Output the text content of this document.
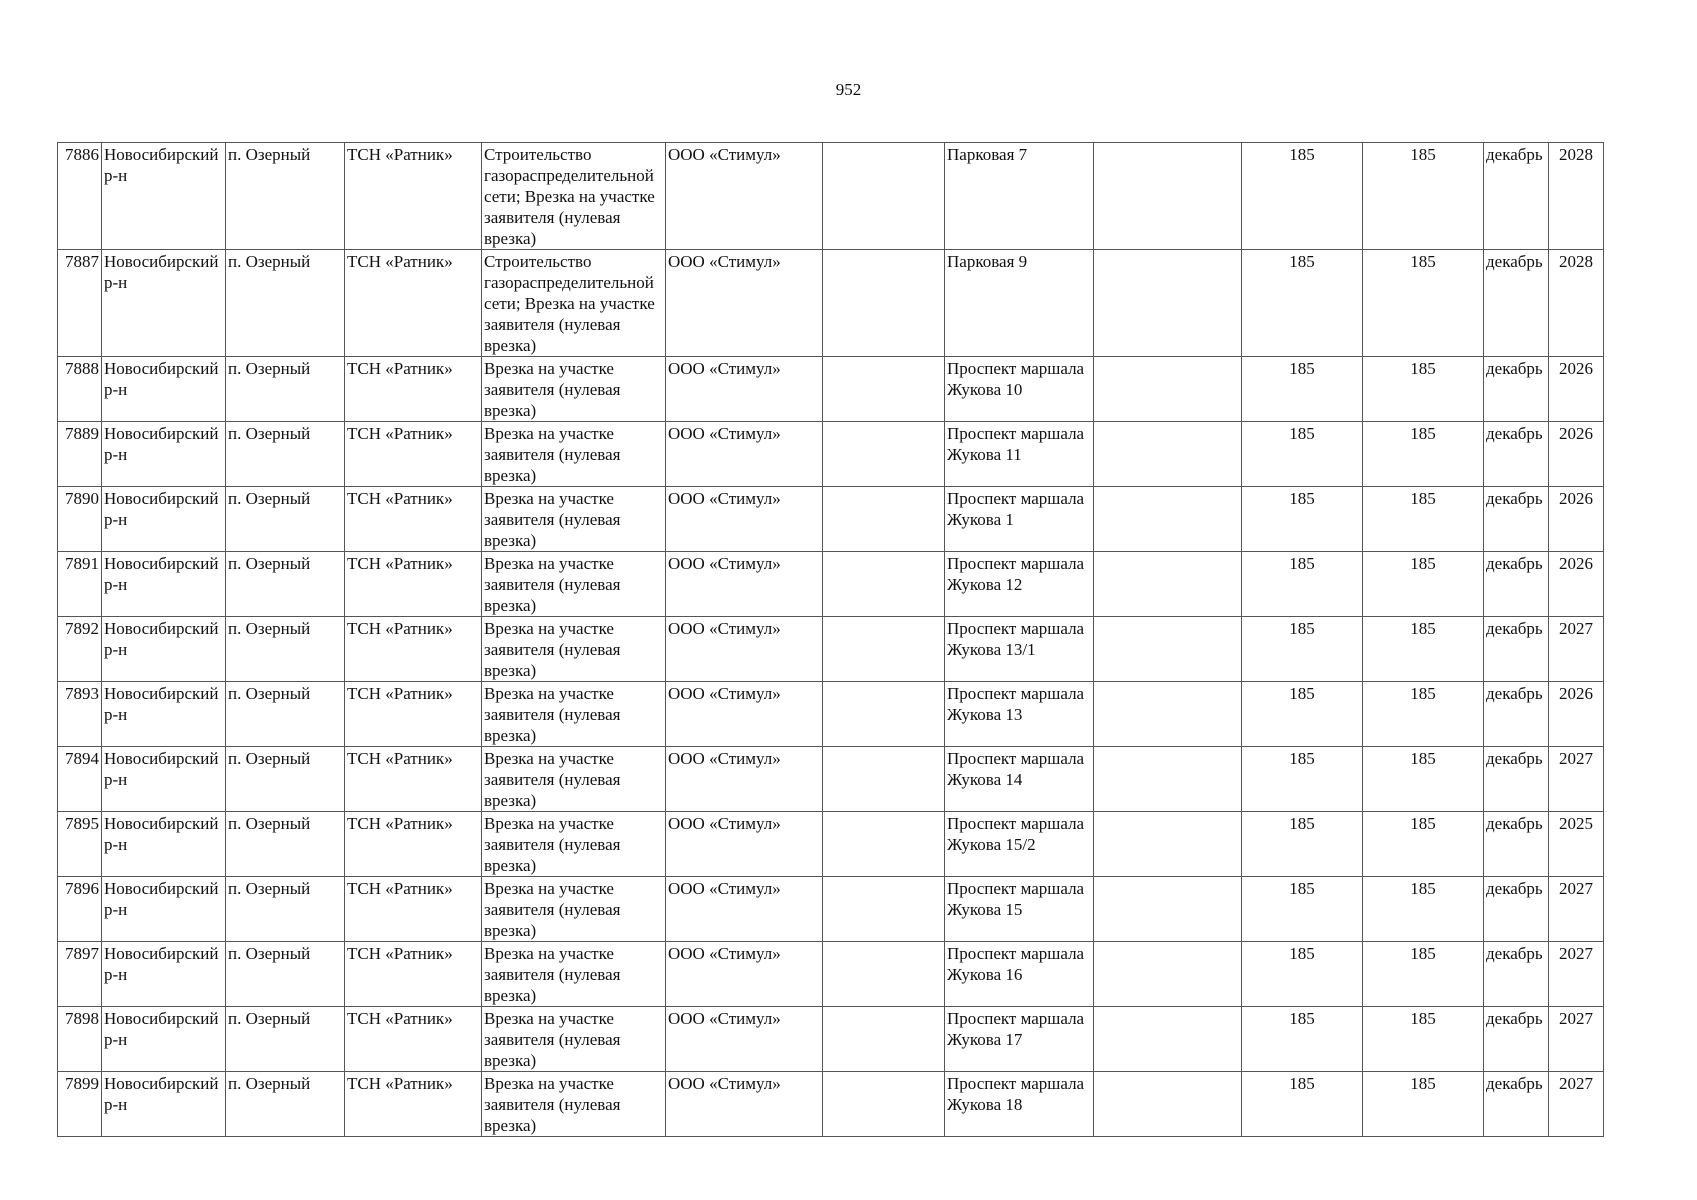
952
7886	Новосибирский р-н	п. Озерный	ТСН «Ратник»	Строительство газораспределительной сети; Врезка на участке заявителя (нулевая врезка)	ООО «Стимул»		Парковая 7		185	185	декабрь	2028
7887	Новосибирский р-н	п. Озерный	ТСН «Ратник»	Строительство газораспределительной сети; Врезка на участке заявителя (нулевая врезка)	ООО «Стимул»		Парковая 9		185	185	декабрь	2028
7888	Новосибирский р-н	п. Озерный	ТСН «Ратник»	Врезка на участке заявителя (нулевая врезка)	ООО «Стимул»		Проспект маршала Жукова 10		185	185	декабрь	2026
7889	Новосибирский р-н	п. Озерный	ТСН «Ратник»	Врезка на участке заявителя (нулевая врезка)	ООО «Стимул»		Проспект маршала Жукова 11		185	185	декабрь	2026
7890	Новосибирский р-н	п. Озерный	ТСН «Ратник»	Врезка на участке заявителя (нулевая врезка)	ООО «Стимул»		Проспект маршала Жукова 1		185	185	декабрь	2026
7891	Новосибирский р-н	п. Озерный	ТСН «Ратник»	Врезка на участке заявителя (нулевая врезка)	ООО «Стимул»		Проспект маршала Жукова 12		185	185	декабрь	2026
7892	Новосибирский р-н	п. Озерный	ТСН «Ратник»	Врезка на участке заявителя (нулевая врезка)	ООО «Стимул»		Проспект маршала Жукова 13/1		185	185	декабрь	2027
7893	Новосибирский р-н	п. Озерный	ТСН «Ратник»	Врезка на участке заявителя (нулевая врезка)	ООО «Стимул»		Проспект маршала Жукова 13		185	185	декабрь	2026
7894	Новосибирский р-н	п. Озерный	ТСН «Ратник»	Врезка на участке заявителя (нулевая врезка)	ООО «Стимул»		Проспект маршала Жукова 14		185	185	декабрь	2027
7895	Новосибирский р-н	п. Озерный	ТСН «Ратник»	Врезка на участке заявителя (нулевая врезка)	ООО «Стимул»		Проспект маршала Жукова 15/2		185	185	декабрь	2025
7896	Новосибирский р-н	п. Озерный	ТСН «Ратник»	Врезка на участке заявителя (нулевая врезка)	ООО «Стимул»		Проспект маршала Жукова 15		185	185	декабрь	2027
7897	Новосибирский р-н	п. Озерный	ТСН «Ратник»	Врезка на участке заявителя (нулевая врезка)	ООО «Стимул»		Проспект маршала Жукова 16		185	185	декабрь	2027
7898	Новосибирский р-н	п. Озерный	ТСН «Ратник»	Врезка на участке заявителя (нулевая врезка)	ООО «Стимул»		Проспект маршала Жукова 17		185	185	декабрь	2027
7899	Новосибирский р-н	п. Озерный	ТСН «Ратник»	Врезка на участке заявителя (нулевая врезка)	ООО «Стимул»		Проспект маршала Жукова 18		185	185	декабрь	2027
